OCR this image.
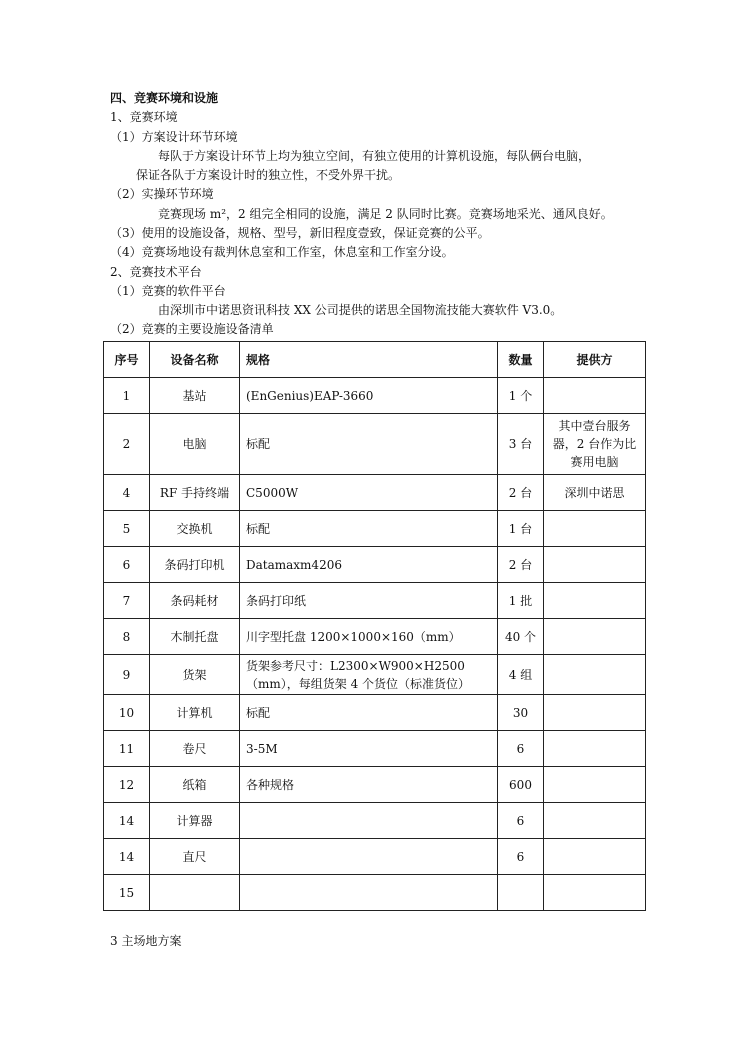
四、竞赛环境和设施
1、竞赛环境
（1）方案设计环节环境
每队于方案设计环节上均为独立空间，有独立使用的计算机设施，每队俩台电脑，
保证各队于方案设计时的独立性，不受外界干扰。
（2）实操环节环境
竞赛现场 m²，2 组完全相同的设施，满足 2 队同时比赛。竞赛场地采光、通风良好。
（3）使用的设施设备，规格、型号，新旧程度壹致，保证竞赛的公平。
（4）竞赛场地设有裁判休息室和工作室，休息室和工作室分设。
2、竞赛技术平台
（1）竞赛的软件平台
由深圳市中诺思资讯科技 XX 公司提供的诺思全国物流技能大赛软件 V3.0。
（2）竞赛的主要设施设备清单
序号	设备名称	规格	数量	提供方
1	基站	(EnGenius)EAP-3660	1 个	
2	电脑	标配	3 台	其中壹台服务器，2 台作为比赛用电脑
4	RF 手持终端	C5000W	2 台	深圳中诺思
5	交换机	标配	1 台	
6	条码打印机	Datamaxm4206	2 台	
7	条码耗材	条码打印纸	1 批	
8	木制托盘	川字型托盘 1200×1000×160（mm）	40 个	
9	货架	货架参考尺寸：L2300×W900×H2500（mm），每组货架 4 个货位（标准货位）	4 组	
10	计算机	标配	30	
11	卷尺	3-5M	6	
12	纸箱	各种规格	600	
14	计算器		6	
14	直尺		6	
15				
3 主场地方案
